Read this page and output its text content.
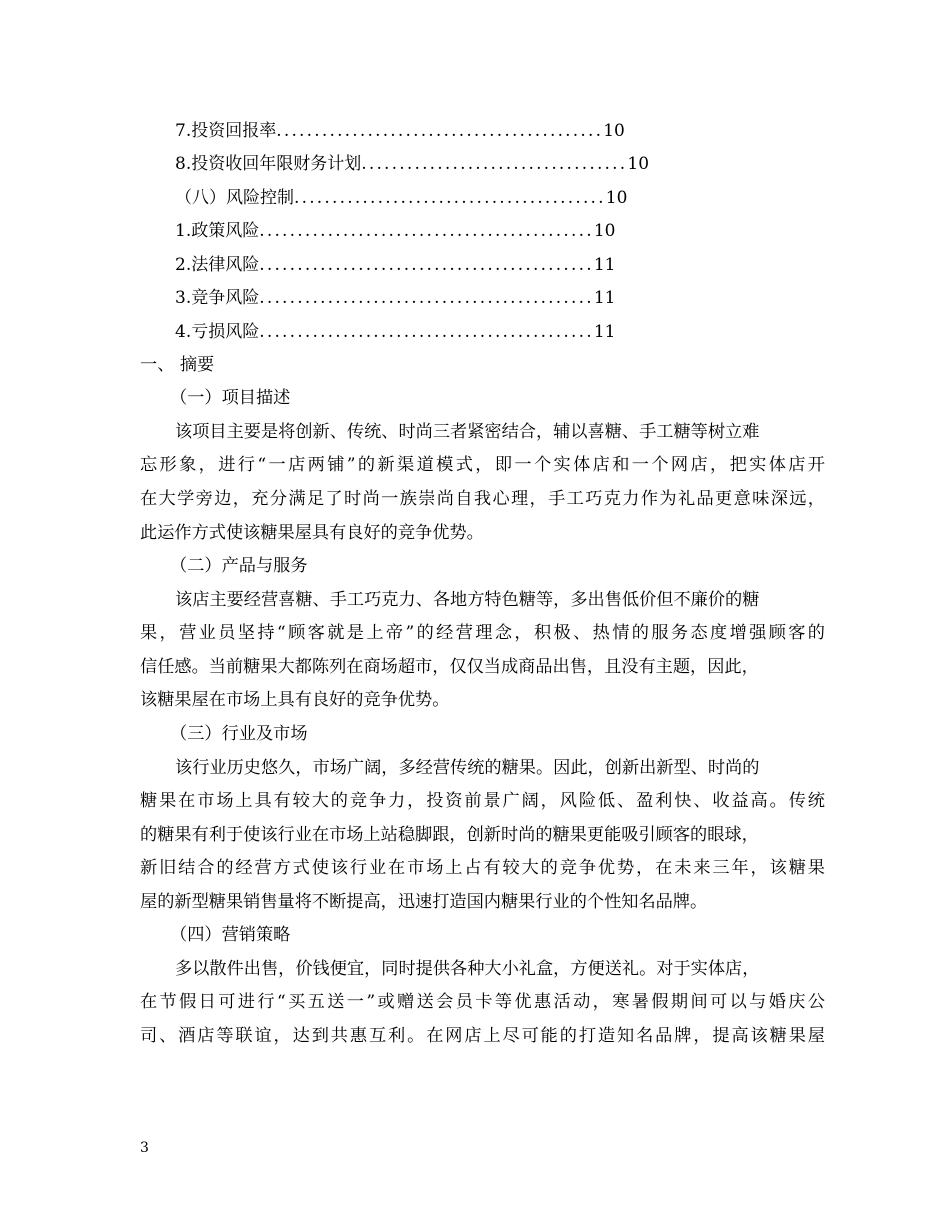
7.投资回报率...........................................10
8.投资收回年限财务计划...................................10
（八）风险控制.........................................10
1.政策风险............................................10
2.法律风险............................................11
3.竞争风险............................................11
4.亏损风险............................................11
一、 摘要
（一）项目描述
该项目主要是将创新、传统、时尚三者紧密结合，辅以喜糖、手工糖等树立难
忘形象，进行“一店两铺”的新渠道模式，即一个实体店和一个网店，把实体店开
在大学旁边，充分满足了时尚一族崇尚自我心理，手工巧克力作为礼品更意味深远，
此运作方式使该糖果屋具有良好的竞争优势。
（二）产品与服务
该店主要经营喜糖、手工巧克力、各地方特色糖等，多出售低价但不廉价的糖
果，营业员坚持“顾客就是上帝”的经营理念，积极、热情的服务态度增强顾客的
信任感。当前糖果大都陈列在商场超市，仅仅当成商品出售，且没有主题，因此，
该糖果屋在市场上具有良好的竞争优势。
（三）行业及市场
该行业历史悠久，市场广阔，多经营传统的糖果。因此，创新出新型、时尚的
糖果在市场上具有较大的竞争力，投资前景广阔，风险低、盈利快、收益高。传统
的糖果有利于使该行业在市场上站稳脚跟，创新时尚的糖果更能吸引顾客的眼球，
新旧结合的经营方式使该行业在市场上占有较大的竞争优势，在未来三年，该糖果
屋的新型糖果销售量将不断提高，迅速打造国内糖果行业的个性知名品牌。
（四）营销策略
多以散件出售，价钱便宜，同时提供各种大小礼盒，方便送礼。对于实体店，
在节假日可进行“买五送一”或赠送会员卡等优惠活动，寒暑假期间可以与婚庆公
司、酒店等联谊，达到共惠互利。在网店上尽可能的打造知名品牌，提高该糖果屋
3
